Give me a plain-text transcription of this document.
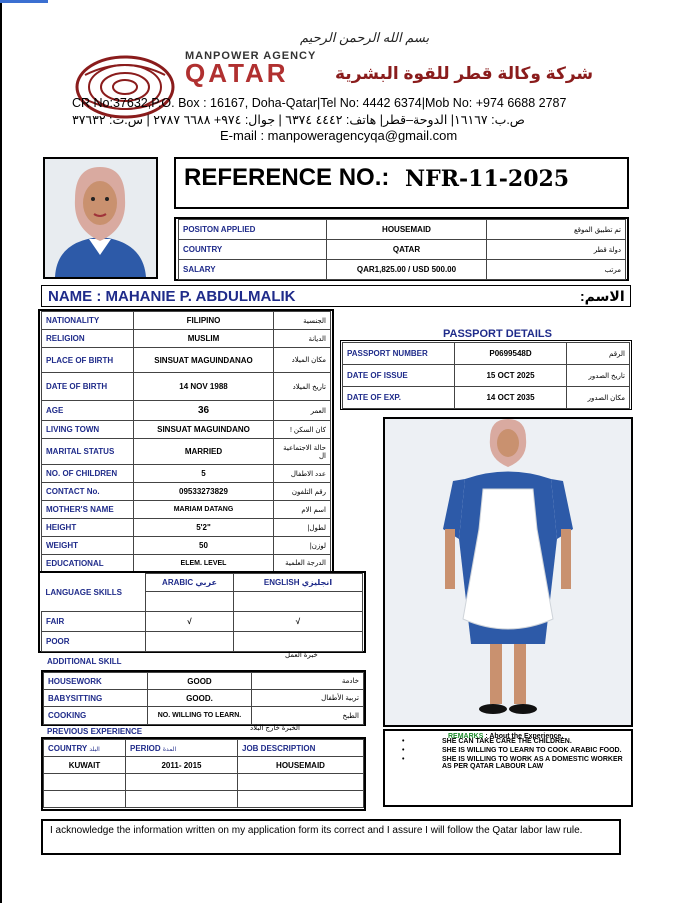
بسم الله الرحمن الرحيم
MANPOWER AGENCY
QATAR	شركة وكالة قطر للقوة البشرية
CR No:37632,P.O. Box : 16167, Doha-Qatar|Tel No: 4442 6374|Mob No: +974 6688 2787
ص.ب: ١٦١٦٧| الدوحة–قطر| هاتف: ٤٤٤٢ ٦٣٧٤ | جوال: ٩٧٤+ ٦٦٨٨ ٢٧٨٧ | س.ت: ٣٧٦٣٢
E-mail : manpoweragencyqa@gmail.com
REFERENCE NO.: NFR-11-2025
POSITON APPLIED	HOUSEMAID	تم تطبيق الموقع
COUNTRY	QATAR	دولة قطر
SALARY	QAR1,825.00 / USD 500.00	مرتب
NAME : MAHANIE P. ABDULMALIK	الاسم:
NATIONALITY	FILIPINO	الجنسية
RELIGION	MUSLIM	الديانة
PLACE OF BIRTH	SINSUAT MAGUINDANAO	مكان الميلاد
DATE OF BIRTH	14 NOV 1988	تاريخ الميلاد
AGE	36	العمر
LIVING TOWN	SINSUAT MAGUINDANO	كان السكن !
MARITAL STATUS	MARRIED	حالة الاجتماعية ال
NO. OF CHILDREN	5	عدد الاطفال
CONTACT No.	09533273829	رقم التلفون
MOTHER'S NAME	MARIAM DATANG	اسم الام
HEIGHT	5'2"	لطول|
WEIGHT	50	لوزن|
EDUCATIONAL	ELEM. LEVEL	الدرجة العلمية
PASSPORT DETAILS
PASSPORT NUMBER	P0699548D	الرقم
DATE OF ISSUE	15 OCT 2025	تاريخ الصدور
DATE OF EXP.	14 OCT 2035	مكان الصدور
LANGUAGE SKILLS	ARABIC عربي	ENGLISH انجليزي

FAIR	√	√
POOR		
ADDITIONAL SKILL
خبرة العمل
HOUSEWORK	GOOD	خادمة
BABYSITTING	GOOD.	تربية الأطفال
COOKING	NO. WILLING TO LEARN.	الطبخ
PREVIOUS EXPERIENCE	الخبرة خارج البلاد
COUNTRY البلد	PERIOD المدة	JOB DESCRIPTION
KUWAIT	2011- 2015	HOUSEMAID

REMARKS : About the Experience.
•	SHE CAN TAKE CARE THE CHILDREN.
•	SHE IS WILLING TO LEARN TO COOK ARABIC FOOD.
•	SHE IS WILLING TO WORK AS A DOMESTIC WORKER AS PER QATAR LABOUR LAW
I acknowledge the information written on my application form its correct and I assure I will follow the Qatar labor law rule.
